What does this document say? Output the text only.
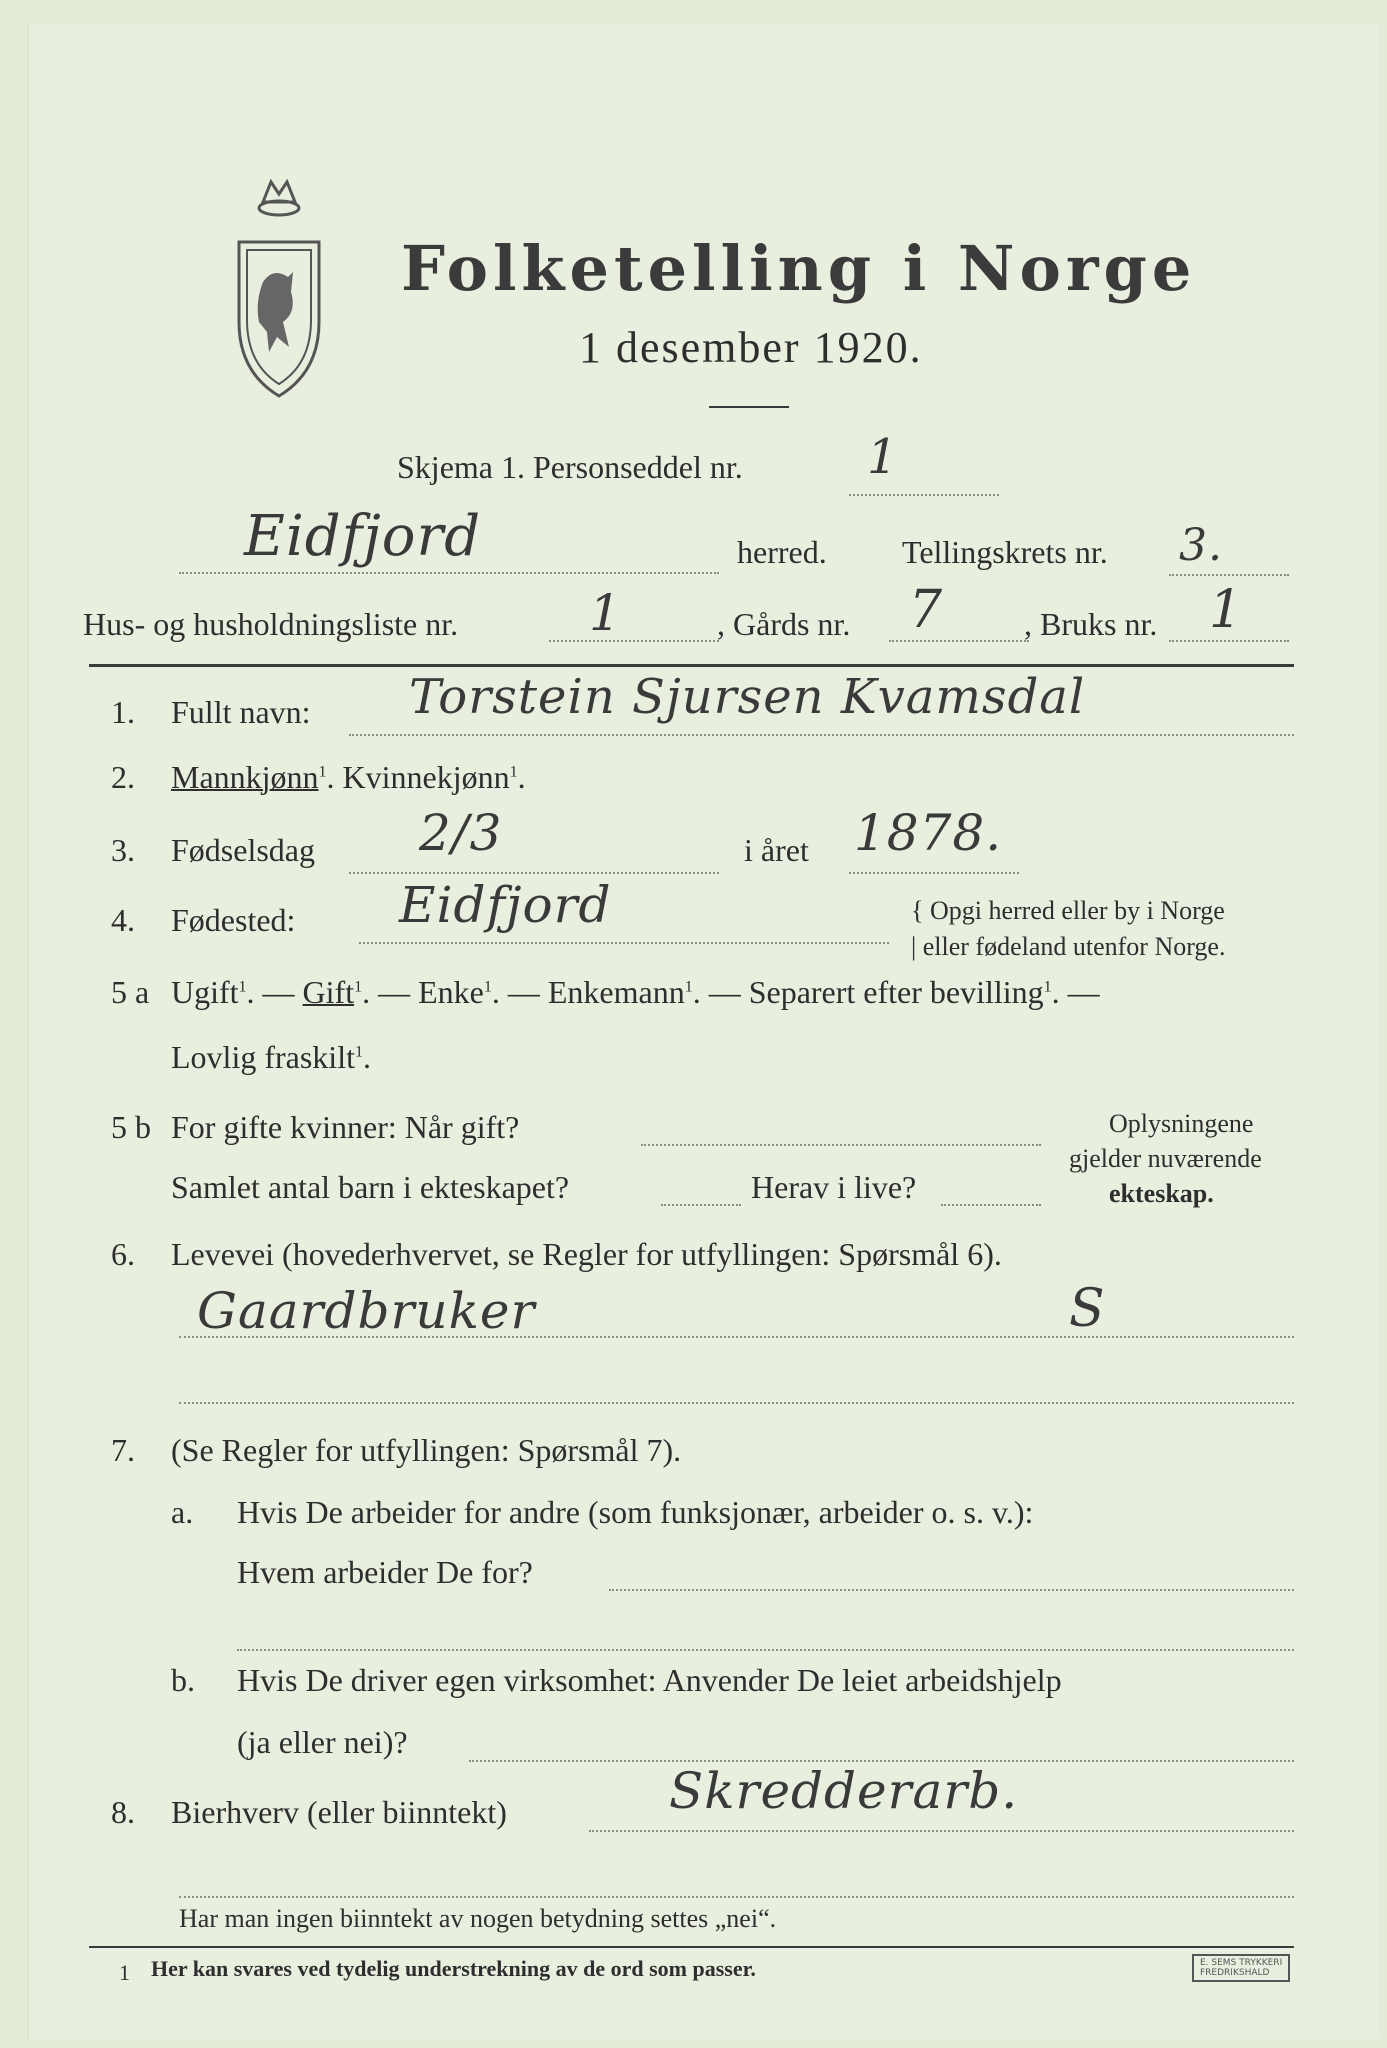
Folketelling i Norge
1 desember 1920.
Skjema 1. Personseddel nr.	1
Eidfjord	herred. Tellingskrets nr. 3.
Hus- og husholdningsliste nr.	1	, Gårds nr. 7	, Bruks nr. 1
1. Fullt navn: Torstein Sjursen Kvamsdal
2. Mannkjønn$^1$. Kvinnekjønn$^1$.
3. Fødselsdag 2/3	i året 1878.
4. Fødested: Eidfjord	{ Opgi herred eller by i Norge
| eller fødeland utenfor Norge.
5 a Ugift$^1$. — Gift$^1$. — Enke$^1$. — Enkemann$^1$. — Separert efter bevilling$^1$. —
Lovlig fraskilt$^1$.
5 b For gifte kvinner: Når gift?
Samlet antal barn i ekteskapet?	Herav i live?
Oplysningene
gjelder nuværende
ekteskap.
6. Levevei (hovederhvervet, se Regler for utfyllingen: Spørsmål 6).
Gaardbruker	S
7. (Se Regler for utfyllingen: Spørsmål 7).
a. Hvis De arbeider for andre (som funksjonær, arbeider o. s. v.):
Hvem arbeider De for?
b. Hvis De driver egen virksomhet: Anvender De leiet arbeidshjelp
(ja eller nei)?
8. Bierhverv (eller biinntekt)	Skredderarb.
Har man ingen biinntekt av nogen betydning settes „nei“.
1 Her kan svares ved tydelig understrekning av de ord som passer.	E. SEMS TRYKKERI
FREDRIKSHALD
